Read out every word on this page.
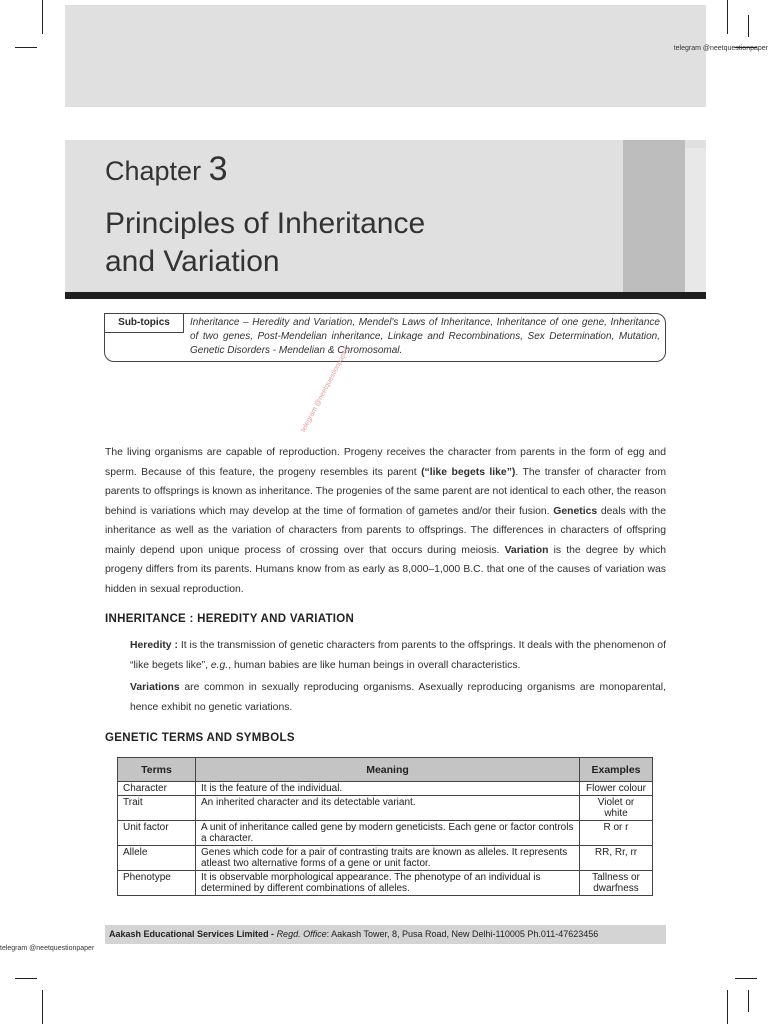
telegram @neetquestionpaper
Chapter 3
Principles of Inheritance
and Variation
Sub-topics	Inheritance – Heredity and Variation, Mendel's Laws of Inheritance, Inheritance of one gene, Inheritance of two genes, Post-Mendelian inheritance, Linkage and Recombinations, Sex Determination, Mutation, Genetic Disorders - Mendelian & Chromosomal.
telegram @neetquestionpaper
The living organisms are capable of reproduction. Progeny receives the character from parents in the form of egg and sperm. Because of this feature, the progeny resembles its parent (“like begets like”). The transfer of character from parents to offsprings is known as inheritance. The progenies of the same parent are not identical to each other, the reason behind is variations which may develop at the time of formation of gametes and/or their fusion. Genetics deals with the inheritance as well as the variation of characters from parents to offsprings. The differences in characters of offspring mainly depend upon unique process of crossing over that occurs during meiosis. Variation is the degree by which progeny differs from its parents. Humans know from as early as 8,000–1,000 B.C. that one of the causes of variation was hidden in sexual reproduction.
INHERITANCE : HEREDITY AND VARIATION
Heredity : It is the transmission of genetic characters from parents to the offsprings. It deals with the phenomenon of “like begets like”, e.g., human babies are like human beings in overall characteristics.
Variations are common in sexually reproducing organisms. Asexually reproducing organisms are monoparental, hence exhibit no genetic variations.
GENETIC TERMS AND SYMBOLS
Terms	Meaning	Examples
Character	It is the feature of the individual.	Flower colour
Trait	An inherited character and its detectable variant.	Violet or white
Unit factor	A unit of inheritance called gene by modern geneticists. Each gene or factor controls a character.	R or r
Allele	Genes which code for a pair of contrasting traits are known as alleles. It represents atleast two alternative forms of a gene or unit factor.	RR, Rr, rr
Phenotype	It is observable morphological appearance. The phenotype of an individual is determined by different combinations of alleles.	Tallness or dwarfness
Aakash Educational Services Limited - Regd. Office: Aakash Tower, 8, Pusa Road, New Delhi-110005 Ph.011-47623456
telegram @neetquestionpaper
